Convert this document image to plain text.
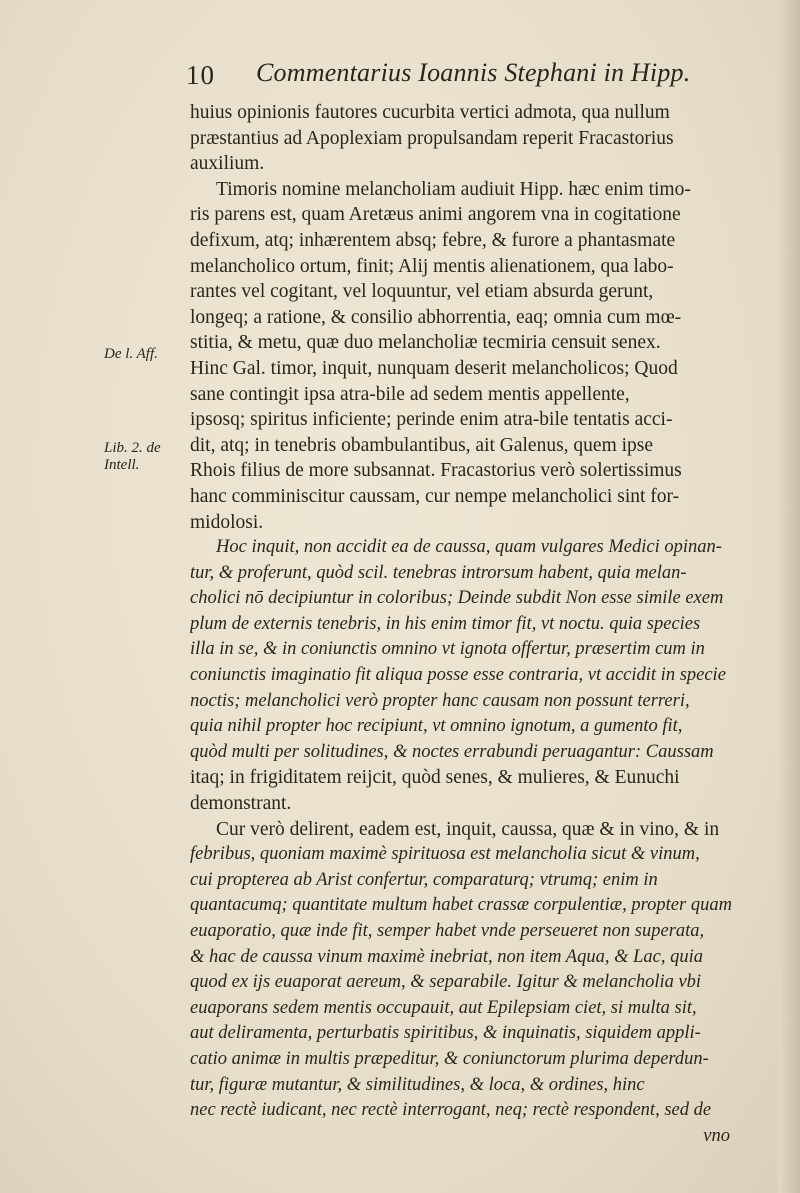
10 Commentarius Ioannis Stephani in Hipp.
De l. Aff.
Lib. 2. de
Intell.
huius opinionis fautores cucurbita vertici admota, qua nullum
præstantius ad Apoplexiam propulsandam reperit Fracastorius
auxilium.
Timoris nomine melancholiam audiuit Hipp. hæc enim timo-
ris parens est, quam Aretæus animi angorem vna in cogitatione
defixum, atq; inhærentem absq; febre, & furore a phantasmate
melancholico ortum, finit; Alij mentis alienationem, qua labo-
rantes vel cogitant, vel loquuntur, vel etiam absurda gerunt,
longeq; a ratione, & consilio abhorrentia, eaq; omnia cum mœ-
stitia, & metu, quæ duo melancholiæ tecmiria censuit senex.
Hinc Gal. timor, inquit, nunquam deserit melancholicos; Quod
sane contingit ipsa atra-bile ad sedem mentis appellente,
ipsosq; spiritus inficiente; perinde enim atra-bile tentatis acci-
dit, atq; in tenebris obambulantibus, ait Galenus, quem ipse
Rhois filius de more subsannat. Fracastorius verò solertissimus
hanc comminiscitur caussam, cur nempe melancholici sint for-
midolosi.
Hoc inquit, non accidit ea de caussa, quam vulgares Medici opinan-
tur, & proferunt, quòd scil. tenebras introrsum habent, quia melan-
cholici nō decipiuntur in coloribus; Deinde subdit Non esse simile exem
plum de externis tenebris, in his enim timor fit, vt noctu. quia species
illa in se, & in coniunctis omnino vt ignota offertur, præsertim cum in
coniunctis imaginatio fit aliqua posse esse contraria, vt accidit in specie
noctis; melancholici verò propter hanc causam non possunt terreri,
quia nihil propter hoc recipiunt, vt omnino ignotum, a gumento fit,
quòd multi per solitudines, & noctes errabundi peruagantur: Caussam
itaq; in frigiditatem reijcit, quòd senes, & mulieres, & Eunuchi
demonstrant.
Cur verò delirent, eadem est, inquit, caussa, quæ & in vino, & in
febribus, quoniam maximè spirituosa est melancholia sicut & vinum,
cui propterea ab Arist confertur, comparaturq; vtrumq; enim in
quantacumq; quantitate multum habet crassæ corpulentiæ, propter quam
euaporatio, quæ inde fit, semper habet vnde perseueret non superata,
& hac de caussa vinum maximè inebriat, non item Aqua, & Lac, quia
quod ex ijs euaporat aereum, & separabile. Igitur & melancholia vbi
euaporans sedem mentis occupauit, aut Epilepsiam ciet, si multa sit,
aut deliramenta, perturbatis spiritibus, & inquinatis, siquidem appli-
catio animæ in multis præpeditur, & coniunctorum plurima deperdun-
tur, figuræ mutantur, & similitudines, & loca, & ordines, hinc
nec rectè iudicant, nec rectè interrogant, neq; rectè respondent, sed de
vno
